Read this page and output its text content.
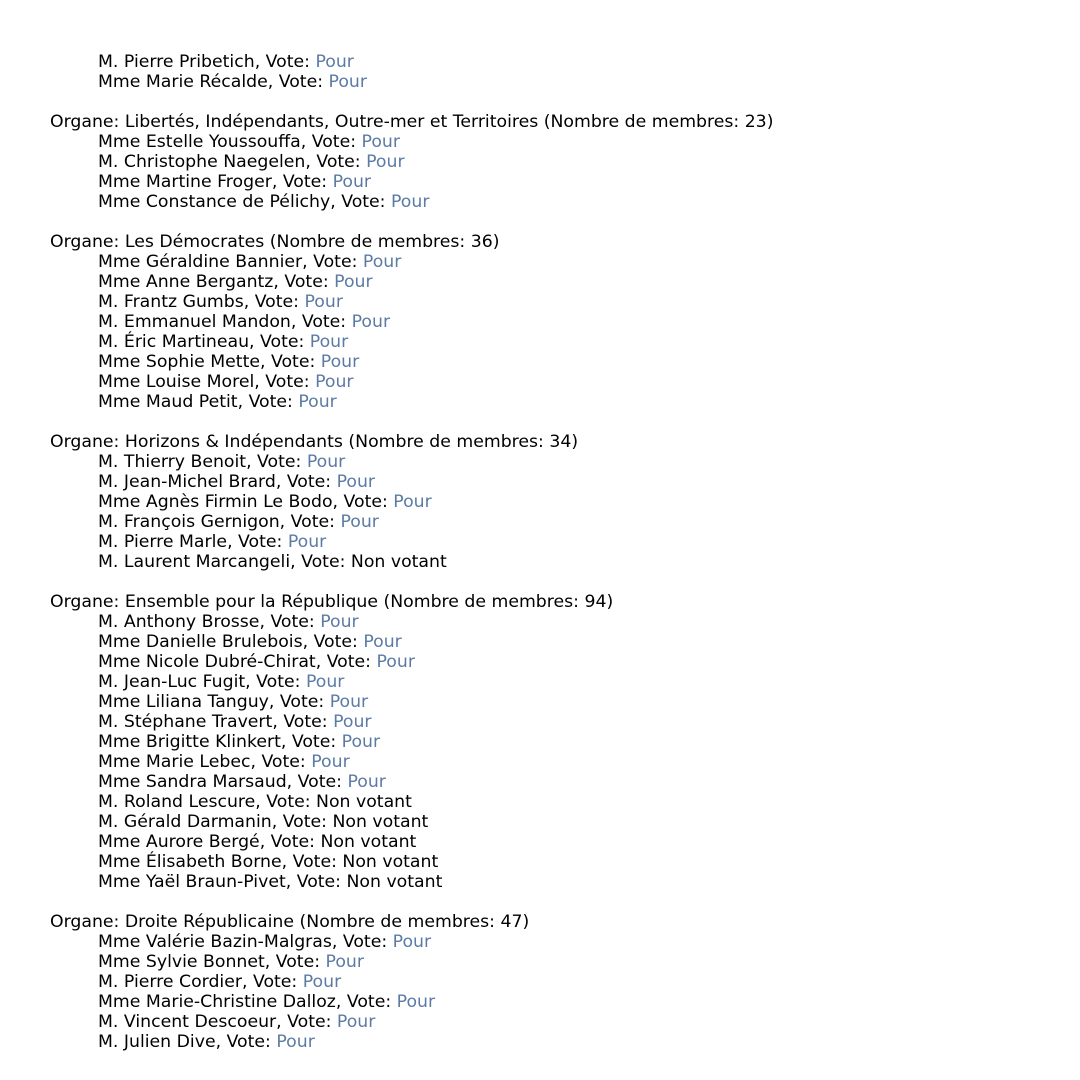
M. Pierre Pribetich, Vote: Pour
Mme Marie Récalde, Vote: Pour
Organe: Libertés, Indépendants, Outre-mer et Territoires (Nombre de membres: 23)
Mme Estelle Youssouffa, Vote: Pour
M. Christophe Naegelen, Vote: Pour
Mme Martine Froger, Vote: Pour
Mme Constance de Pélichy, Vote: Pour
Organe: Les Démocrates (Nombre de membres: 36)
Mme Géraldine Bannier, Vote: Pour
Mme Anne Bergantz, Vote: Pour
M. Frantz Gumbs, Vote: Pour
M. Emmanuel Mandon, Vote: Pour
M. Éric Martineau, Vote: Pour
Mme Sophie Mette, Vote: Pour
Mme Louise Morel, Vote: Pour
Mme Maud Petit, Vote: Pour
Organe: Horizons & Indépendants (Nombre de membres: 34)
M. Thierry Benoit, Vote: Pour
M. Jean-Michel Brard, Vote: Pour
Mme Agnès Firmin Le Bodo, Vote: Pour
M. François Gernigon, Vote: Pour
M. Pierre Marle, Vote: Pour
M. Laurent Marcangeli, Vote: Non votant
Organe: Ensemble pour la République (Nombre de membres: 94)
M. Anthony Brosse, Vote: Pour
Mme Danielle Brulebois, Vote: Pour
Mme Nicole Dubré-Chirat, Vote: Pour
M. Jean-Luc Fugit, Vote: Pour
Mme Liliana Tanguy, Vote: Pour
M. Stéphane Travert, Vote: Pour
Mme Brigitte Klinkert, Vote: Pour
Mme Marie Lebec, Vote: Pour
Mme Sandra Marsaud, Vote: Pour
M. Roland Lescure, Vote: Non votant
M. Gérald Darmanin, Vote: Non votant
Mme Aurore Bergé, Vote: Non votant
Mme Élisabeth Borne, Vote: Non votant
Mme Yaël Braun-Pivet, Vote: Non votant
Organe: Droite Républicaine (Nombre de membres: 47)
Mme Valérie Bazin-Malgras, Vote: Pour
Mme Sylvie Bonnet, Vote: Pour
M. Pierre Cordier, Vote: Pour
Mme Marie-Christine Dalloz, Vote: Pour
M. Vincent Descoeur, Vote: Pour
M. Julien Dive, Vote: Pour
